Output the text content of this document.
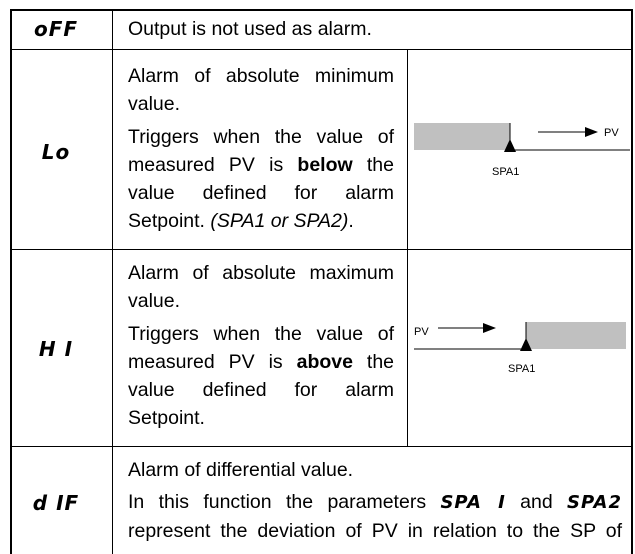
oFF	Output is not used as alarm.
Lo
Alarm of absolute minimum
value.
Triggers when the value of
measured PV is below the
value defined for alarm
Setpoint. (SPA1 or SPA2).
PV
SPA1
H I
Alarm of absolute maximum
value.
Triggers when the value of
measured PV is above the
value defined for alarm
Setpoint.
PV
SPA1
d IF
Alarm of differential value.
In this function the parameters SPA I and SPA2
represent the deviation of PV in relation to the SP of
